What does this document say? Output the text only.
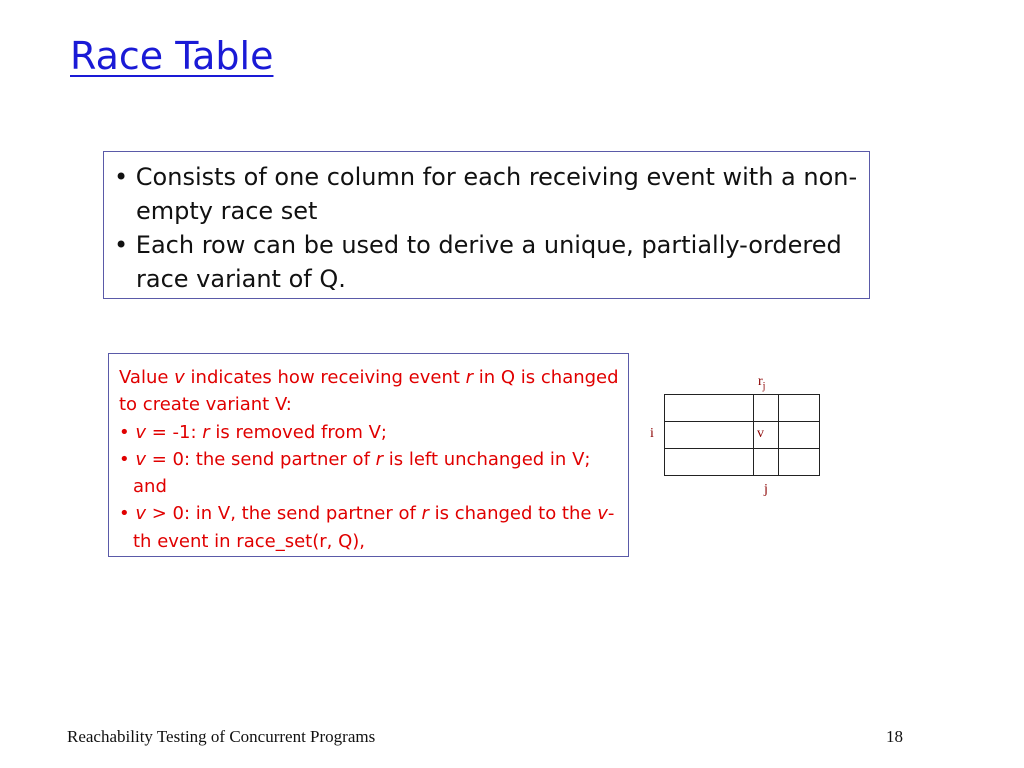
Race Table
• Consists of one column for each receiving event with a non-empty race set
• Each row can be used to derive a unique, partially-ordered race variant of Q.
Value v indicates how receiving event r in Q is changed to create variant V:
• v = -1: r is removed from V;
• v = 0: the send partner of r is left unchanged in V; and
• v > 0: in V, the send partner of r is changed to the v-th event in race_set(r, Q),
$r_j$

i	v
j
Reachability Testing of Concurrent Programs	18
